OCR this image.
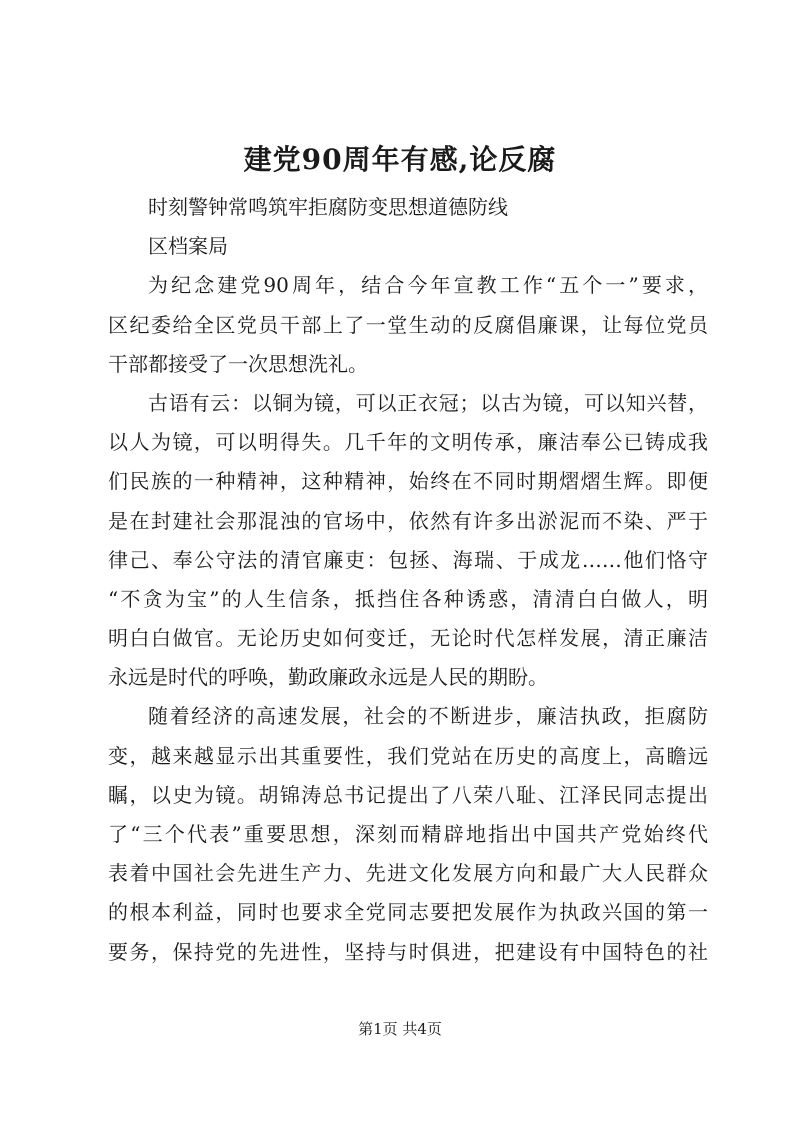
建党90周年有感,论反腐
时刻警钟常鸣筑牢拒腐防变思想道德防线
区档案局
为纪念建党90周年，结合今年宣教工作“五个一”要求，
区纪委给全区党员干部上了一堂生动的反腐倡廉课，让每位党员
干部都接受了一次思想洗礼。
古语有云：以铜为镜，可以正衣冠；以古为镜，可以知兴替，
以人为镜，可以明得失。几千年的文明传承，廉洁奉公已铸成我
们民族的一种精神，这种精神，始终在不同时期熠熠生辉。即便
是在封建社会那混浊的官场中，依然有许多出淤泥而不染、严于
律己、奉公守法的清官廉吏：包拯、海瑞、于成龙……他们恪守
“不贪为宝”的人生信条，抵挡住各种诱惑，清清白白做人，明
明白白做官。无论历史如何变迁，无论时代怎样发展，清正廉洁
永远是时代的呼唤，勤政廉政永远是人民的期盼。
随着经济的高速发展，社会的不断进步，廉洁执政，拒腐防
变，越来越显示出其重要性，我们党站在历史的高度上，高瞻远
瞩，以史为镜。胡锦涛总书记提出了八荣八耻、江泽民同志提出
了“三个代表”重要思想，深刻而精辟地指出中国共产党始终代
表着中国社会先进生产力、先进文化发展方向和最广大人民群众
的根本利益，同时也要求全党同志要把发展作为执政兴国的第一
要务，保持党的先进性，坚持与时俱进，把建设有中国特色的社
第1页 共4页
